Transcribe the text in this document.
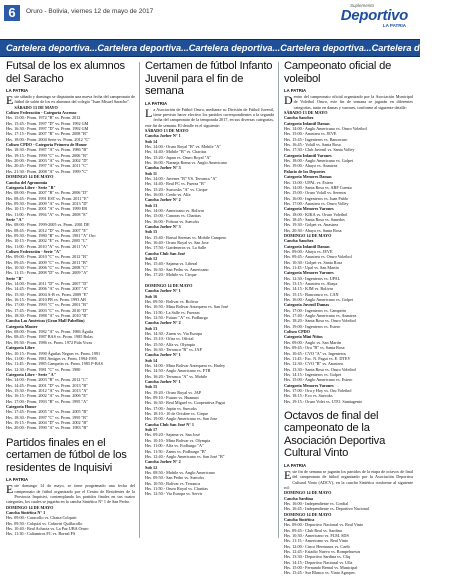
6	Oruro - Bolivia, viernes 12 de mayo de 2017
Suplemento
Deportivo
LA PATRIA
Cartelera deportiva...Cartelera deportiva...Cartelera deportiva...Cartelera deportiva...Cartelera deportiva...
Futsal de los ex alumnos del Saracho
LA PATRIA
Este sábado y domingo se disputarán una nueva fecha del campeonato de fútbol de salón de los ex alumnos del colegio "Juan Misael Saracho".
SÁBADO 13 DE MAYO
Coliseo Federación - Categoría Ascenso
Hrs. 15:00.- Prom. 1972 "B" vs. Prom. 2012
Hrs. 15:45.- Prom. 1997 "D" vs. Prom. 1992 GM
Hrs. 16:30.- Prom. 1997 "D" vs. Prom. 1992 GM
Hrs. 17:15.- Prom. 2007 "B" vs. Prom. 2008 "B"
Hrs. 18:00.- Prom. 2004 Serie vs. Prom. 2012 "C"
Coliseo CPDO - Categoría Primera de Honor
Hrs. 18:30.- Prom. 1987 "A" vs. Prom. 1986 "B"
Hrs. 19:15.- Prom. 1990 "C" vs. Prom. 2006 "B"
Hrs. 20:00.- Prom. 2003 "A" vs. Prom. 2002 "D"
Hrs. 20:45.- Prom. 1997 "A" vs. Prom. 2011 "C"
Hrs. 21:30.- Prom. 2008 "A" vs. Prom. 1999 "C"
DOMINGO 14 DE MAYO
Cancha del Agronomía
Categoría Libre - Serie "B"
Hrs. 08:00.- Prom. 2007 "B" vs. Prom. 2006 "D"
Hrs. 08:45.- Prom. 1991 EST vs. Prom. 2011 "E"
Hrs. 09:30.- Prom. 2009 "A" vs. Prom. 2013 "D"
Hrs. 10:15.- Prom. 2001 "A" vs. Prom. 1999 ER
Hrs. 11:00.- Prom. 1994 "A" vs. Prom. 2008 "E"
Serie "A"
Hrs. 08:00.- Prom. 1999-2005 vs. Prom. 2001 DE
Hrs. 08:45.- Prom. 2012 "D" vs. Prom. 2007 "E"
Hrs. 09:30.- Prom. 1980 "B" vs. Prom. 1981 "A" Oro
Hrs. 10:15.- Prom. 2002 "E" vs. Prom. 2005 "C"
Hrs. 11:00.- Prom. 2010 "A" vs. Prom. 2011 "A"
Coliseo Federación - Serie "A"
Hrs. 09:00.- Prom. 2010 "C" vs. Prom. 2012 "B"
Hrs. 09:45.- Prom. 2009 "C" vs. Prom. 2011 "B"
Hrs. 10:30.- Prom. 2006 "C" vs. Prom. 2008 "C"
Hrs. 11:15.- Prom. 2008 "D" vs. Prom. 2009 "A"
Serie "B"
Hrs. 14:00.- Prom. 2011 "D" vs. Prom. 2007 "D"
Hrs. 14:45.- Prom. 2006 "A" vs. Prom. 2007 "A"
Hrs. 15:30.- Prom. 2004 A-B vs. Prom. 2009 "E"
Hrs. 16:15.- Prom. 2010 PR vs. Prom. 1993 AB
Hrs. 17:00.- Prom. 1993 "C" vs. Prom. 2001 "B"
Hrs. 17:45.- Prom. 2003 "C" vs. Prom. 2010 "D"
Hrs. 18:30.- Prom. 1988 "A" vs. Prom. 2010 "B"
Cancha Las Américas (Gran Mall Pabellón)
Categoría Master
Hrs. 08:00.- Prom. 1982 "A" vs. Prom. 1986 Águila
Hrs. 08:45.- Prom. 1987 BAS vs. Prom. 1985 Bolas
Hrs. 09:30.- Prom. 1986 vs. Prom. 1972 Pida Vivas
Categoría Libre
Hrs. 10:15.- Prom. 1990 Águilas Negras vs. Prom. 1991
Hrs. 11:00.- Prom. 1981 Amigos vs. Prom. 1994-1995
Hrs. 11:45.- Prom. 1985 Campeón vs. Prom. 1985 P-BAS
Hrs. 12:30.- Prom. 1981 "C" vs. Prom. 1980
Categoría Libre - Serie "A"
Hrs. 14:00.- Prom. 2003 "B" vs. Prom. 2012 "C"
Hrs. 14:45.- Prom. 2001 "D" vs. Prom. 2013 "B"
Hrs. 15:30.- Prom. 2012 "A" vs. Prom. 2013 "A"
Hrs. 16:15.- Prom. 2002 "A" vs. Prom. 2006 "E"
Hrs. 17:00.- Prom. 1993 "B" vs. Prom. 1995 "A"
Categoría Honor
Hrs. 17:45.- Prom. 2005 "A" vs. Prom. 2005 "B"
Hrs. 18:30.- Prom. 1997 "C" vs. Prom. 1995 "B"
Hrs. 19:15.- Prom. 2004 "D" vs. Prom. 2002 "B"
Hrs. 20:00.- Prom. 1990 "A" vs. Prom. 1983 "B"
Partidos finales en el certamen de fútbol de los residentes de Inquisivi
LA PATRIA
Este domingo 14 de mayo, se tiene programado una fecha del campeonato de fútbol organizado por el Centro de Residentes de la Provincia Inquisivi, contemplando los partidos finales en sus cuatro categorías, los cuales se jugarán en la cancha Sintética N° 1 de San Pedro.
DOMINGO 14 DE MAYO
Cancha Sintética N° 1
Hrs. 09:00.- Caracollo vs. Chatra Colquiri
Hrs. 09:50.- Colquiri vs. Cañaviri Quillacollo
Hrs. 10:40.- Real Achacta vs. La Paz UBA Oruro
Hrs. 11:30.- Caltamiros FC vs. Boreal FS
Certamen de fútbol Infanto Juvenil para el fin de semana
LA PATRIA
La Asociación de Fútbol Oruro, mediante su División de Fútbol Juvenil, tiene previsto hacer efectivo los partidos correspondientes a la segunda fecha del campeonato de la temporada 2017, en sus diversas categorías, este fin de semana. El detalle es el siguiente:
SÁBADO 13 DE MAYO
Cancha Joeher N° 1
Sub 14
Hrs. 14:00.- Oruro Royal "B" vs. Mobile "A"
Hrs. 14:40.- Mobile "B" vs. Charitas
Hrs. 15:20.- Japan vs. Oruro Royal "A"
Hrs. 16:00.- Naranja Roma vs. Anglo Americano
Cancha Joeher N° 3
Sub 11
Hrs. 14:00.- Juvenes "B" VS. Terranca "A"
Hrs. 14:40.- Real FC vs. Fuerza "B"
Hrs. 15:20.- Suecosks "A" vs. Cirque
Hrs. 16:00.- Credo vs. Alfa
Cancha Joeher N° 2
Sub 13
Hrs. 14:00.- Americano vs. Bolivar
Hrs. 15:00.- Canoras vs. Charitas
Hrs. 16:00.- Poboas vs. Suecoks
Cancha Joeher N° 3
Sub 15
Hrs. 15:40.- Barsal Serenas vs. Mobile Campero
Hrs. 16:40.- Oruro Royal vs. San Jose
Hrs. 17:50.- Gardeneros vs. La Salle
Cancha Club San José
Sub 12
Hrs. 15:40.- Sajama vs. Liberal
Hrs. 16:30.- San Pedro vs. Americano
Hrs. 17:20.- Mobile vs. Cirque

DOMINGO 14 DE MAYO
Cancha Joeher N° 1
Sub 16
Hrs. 09:50.- Bolivar vs. Bolivar
Hrs. 10:50.- Mina Bolivar Antequera vs. San José
Hrs. 11:50.- La Salle vs. Fuerzas
Hrs. 12:50.- Futuro "A" vs. Fodburgo
Cancha Joeher N° 2
Sub 13
Hrs. 14:30.- Zaens vs. Via Europa
Hrs. 15:10.- Ofira vs. Oficial
Hrs. 15:50.- Alfa vs. Olympia
Hrs. 16:30.- Terranca "B" vs. JAP
Cancha Joeher N° 1
Sub 14
Hrs. 14:00.- Mina Bolivar Antequera vs. Harley
Hrs. 14:50.- Anglo Americano vs. FTB
Hrs. 16:20.- Terranca "A" vs. Mobile
Cancha Joeher N° 1
Sub 15
Hrs. 19:20.- Oruro Royal vs. JAP
Hrs. 09:10.- Futuro vs. Huanuni
Hrs. 16:30.- Real Miguel vs. Cooperativa Pagui
Hrs. 17:00.- Japón vs. Suecoks
Hrs. 18:10.- 10 de Octubre vs. Cirque
Hrs. 19:00.- Anglo Americano vs. San Jose
Cancha Club San José N° 1
Sub 17
Hrs. 09:20.- Sajama vs. San José
Hrs. 10:10.- Mina Bolivar vs. Olympia
Hrs. 11:00.- Alfa vs. Fodburgo "A"
Hrs. 11:50.- Zaens vs. Fodburgo "B"
Hrs. 12:40.- Anglo Americano vs. San José "B"
Cancha Joeher N° 2
Sub 12
Hrs. 08:50.- Mobile vs. Anglo Americano
Hrs. 09:50.- San Pedro vs. Suecoks
Hrs. 10:50.- Bolivar vs. Terranca
Hrs. 11:50.- Oruro Royal vs. Charitas
Hrs. 12:50.- Via Europa vs. Servir
Campeonato oficial de voleibol
LA PATRIA
Dentro del campeonato oficial organizado por la Asociación Municipal de Voleibol Oruro, este fin de semana se jugarán en diferentes categorías, tanto en damas y varones, conforme al siguiente detalle:
SÁBADO 13 DE MAYO
Cancha Sanchez
Categoría Infantil Damas
Hrs. 14:00.- Anglo Americano vs. Oruro Voleibol
Hrs. 15:00.- Anastrea vs. JEVE
Hrs. 15:45.- Ingenieros vs. Bancoruro
Hrs. 16:45.- Volall vs. Santa Rosa
Hrs. 17:30.- Club Juvenil vs. Santa Volley
Categoría Infantil Varones
Hrs. 18:00.- Anglo Americano vs. Golpet
Hrs. 19:00.- Abaya vs. Anastrea
Palacio de los Deportes
Categoría Menores Damas
Hrs. 13:00.- UPAL vs. Estero
Hrs. 14:00.- Santa Rosa vs. ABF Cuenta
Hrs. 15:00.- Oruro Volall vs. Serenos
Hrs. 16:00.- Ingenieros vs. Juan Pablo
Hrs. 17:00.- Anastrea vs. Oruro Volley
Categoría Menores Varones
Hrs. 18:00.- KIKA vs. Oruro Voleibol
Hrs. 18:45.- Santa Rosa vs. Sanedos
Hrs. 19:30.- Golpet vs. Anastrea
Hrs. 20:30.- Abaya vs. Santa Rosa
DOMINGO 14 DE MAYO
Cancha Sanchez
Categoría Infantil Damas
Hrs. 09:00.- Abaya vs. JEVE
Hrs. 09:45.- Anastrea vs. Oruro Voleibol
Hrs. 10:30.- Golpet vs. Santa Rosa
Hrs. 11:45.- Upal vs. San Martín
Categoría Menores Varones
Hrs. 12:30.- Ingenieros vs. UPAL
Hrs. 13:15.- Anastrea vs. Abaya
Hrs. 14:15.- KJM vs. Bolivar
Hrs. 15:15.- Bancoruro vs. CAN
Hrs. 16:00.- Anglo Americano vs. Golpet
Categoría Juvenil Damas
Hrs. 17:00.- Ingenieros vs. Campeón
Hrs. 17:40.- Anglo Americano vs. Anastrea
Hrs. 18:20.- Santa Rosa vs. Oruro Voleibol
Hrs. 19:00.- Ingenieros vs. Estero
Coliseo CPDO
Categoría Mini Niños
Hrs. 09:00.- Anglo vs. San Martín
Hrs. 09:45.- Oru "B" vs. Santa Rosa
Hrs. 10:45.- CVO "A" vs. Ingenieros
Hrs. 11:45.- Esc. N. Pagui vs. E. DTEV
Hrs. 12:30.- CVO "B" vs. Anastrea
Hrs. 13:30.- Santa Rosa vs. Oruro Voleibol
Hrs. 14:15.- Ingenieros vs. Golpet
Hrs. 15:00.- Anglo Americano vs. Estero
Categoría Menores Varones
Hrs. 17:00.- Oru y Hoy vs. Oru Voleibol
Hrs. 18:15.- Eco vs. Suecoks
Hrs. 19:15.- Oruro Volei vs. UTO. Santiagenio
Octavos de final del campeonato de la Asociación Deportiva Cultural Vinto
LA PATRIA
Este fin de semana se jugarán los partidos de la etapa de octavos de final del campeonato de fútbol organizado por la Asociación Deportiva Cultural Vinto (ADCV), en la cancha Sintética conforme al siguiente rol:
DOMINGO 14 DE MAYO
Cancha Sardina
Hrs. 16:00.- Independiente vs. Cordial
Hrs. 16:45.- Independiente vs. Deportivo Nacional
DOMINGO 14 DE MAYO
Cancha Sintética
Hrs. 09:00.- Deportivo Nacional vs. Real Vinto
Hrs. 09:45.- Club Real vs. Sardina
Hrs. 10:30.- Americano vs. FLM. SDS
Hrs. 11:15.- Americano vs. Real Vinto
Hrs. 12:00.- Cinco Hermanos vs. Carib
Hrs. 12:45.- Estadio Nuevo vs. Rompehuesos
Hrs. 13:30.- Deportivo Sardina vs. Cliq
Hrs. 14:15.- Deportivo Nacional vs. Ulla
Hrs. 15:00.- Fernando Bernal vs. Municipal
Hrs. 15:45.- Sur Blanco vs. Vinto Agropec.
